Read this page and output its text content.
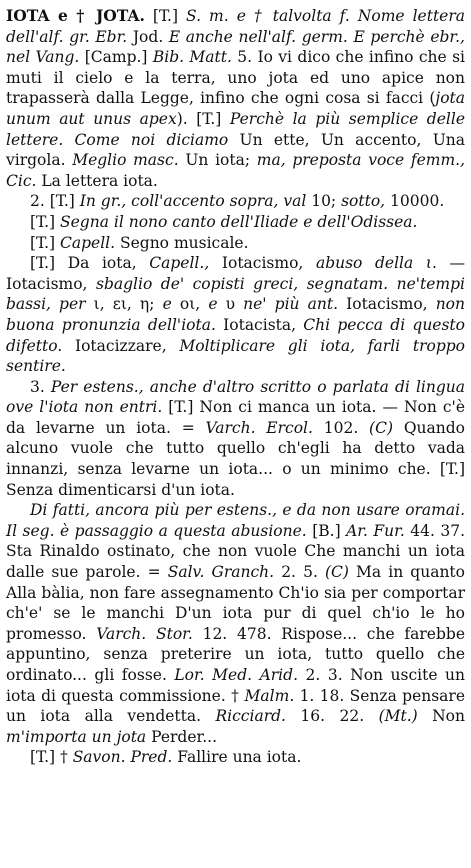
IOTA e † JOTA. [T.] S. m. e † talvolta f. Nome lettera dell'alf. gr. Ebr. Jod. E anche nell'alf. germ. E perchè ebr., nel Vang. [Camp.] Bib. Matt. 5. Io vi dico che infino che si muti il cielo e la terra, uno jota ed uno apice non trapasserà dalla Legge, infino che ogni cosa si facci (jota unum aut unus apex). [T.] Perchè la più semplice delle lettere. Come noi diciamo Un ette, Un accento, Una virgola. Meglio masc. Un iota; ma, preposta voce femm., Cic. La lettera iota.

2. [T.] In gr., coll'accento sopra, val 10; sotto, 10000.

[T.] Segna il nono canto dell'Iliade e dell'Odissea.

[T.] Capell. Segno musicale.

[T.] Da iota, Capell., Iotacismo, abuso della ι. — Iotacismo, sbaglio de' copisti greci, segnatam. ne'tempi bassi, per ι, ει, η; e οι, e υ ne' più ant. Iotacismo, non buona pronunzia dell'iota. Iotacista, Chi pecca di questo difetto. Iotacizzare, Moltiplicare gli iota, farli troppo sentire.

3. Per estens., anche d'altro scritto o parlata di lingua ove l'iota non entri. [T.] Non ci manca un iota. — Non c'è da levarne un iota. = Varch. Ercol. 102. (C) Quando alcuno vuole che tutto quello ch'egli ha detto vada innanzi, senza levarne un iota... o un minimo che. [T.] Senza dimenticarsi d'un iota.

Di fatti, ancora più per estens., e da non usare oramai. Il seg. è passaggio a questa abusione. [B.] Ar. Fur. 44. 37. Sta Rinaldo ostinato, che non vuole Che manchi un iota dalle sue parole. = Salv. Granch. 2. 5. (C) Ma in quanto Alla bàlia, non fare assegnamento Ch'io sia per comportar ch'e' se le manchi D'un iota pur di quel ch'io le ho promesso. Varch. Stor. 12. 478. Rispose... che farebbe appuntino, senza preterire un iota, tutto quello che ordinato... gli fosse. Lor. Med. Arid. 2. 3. Non uscite un iota di questa commissione. † Malm. 1. 18. Senza pensare un iota alla vendetta. Ricciard. 16. 22. (Mt.) Non m'importa un jota Perder...

[T.] † Savon. Pred. Fallire una iota.
